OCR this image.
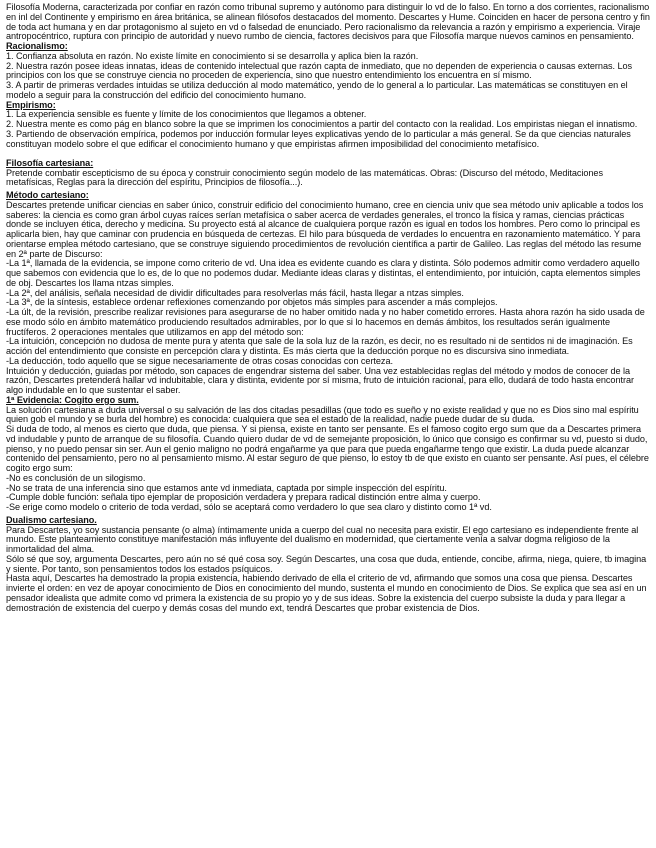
Filosofía Moderna, caracterizada por confiar en razón como tribunal supremo y autónomo para distinguir lo vd de lo falso. En torno a dos corrientes, racionalismo en inl del Continente y empirismo en área británica, se alinean filósofos destacados del momento. Descartes y Hume. Coinciden en hacer de persona centro y fin de toda act humana y en dar protagonismo al sujeto en vd o falsedad de enunciado. Pero racionalismo da relevancia a razón y empirismo a experiencia. Viraje antropocéntrico, ruptura con principio de autoridad y nuevo rumbo de ciencia, factores decisivos para que Filosofía marque nuevos caminos en pensamiento.
Racionalismo:
1. Confianza absoluta en razón. No existe límite en conocimiento si se desarrolla y aplica bien la razón.
2. Nuestra razón posee ideas innatas, ideas de contenido intelectual que razón capta de inmediato, que no dependen de experiencia o causas externas. Los principios con los que se construye ciencia no proceden de experiencia, sino que nuestro entendimiento los encuentra en sí mismo.
3. A partir de primeras verdades intuidas se utiliza deducción al modo matemático, yendo de lo general a lo particular. Las matemáticas se constituyen en el modelo a seguir para la construcción del edificio del conocimiento humano.
Empirismo:
1. La experiencia sensible es fuente y límite de los conocimientos que llegamos a obtener.
2. Nuestra mente es como pág en blanco sobre la que se imprimen los conocimientos a partir del contacto con la realidad. Los empiristas niegan el innatismo.
3. Partiendo de observación empírica, podemos por inducción formular leyes explicativas yendo de lo particular a más general. Se da que ciencias naturales constituyan modelo sobre el que edificar el conocimiento humano y que empiristas afirmen imposibilidad del conocimiento metafísico.
Filosofía cartesiana:
Pretende combatir escepticismo de su época y construir conocimiento según modelo de las matemáticas. Obras: (Discurso del método, Meditaciones metafísicas, Reglas para la dirección del espíritu, Principios de filosofía...).
Método cartesiano:
Descartes pretende unificar ciencias en saber único, construir edificio del conocimiento humano, cree en ciencia univ que sea método univ aplicable a todos los saberes: la ciencia es como gran árbol cuyas raíces serían metafísica o saber acerca de verdades generales, el tronco la física y ramas, ciencias prácticas donde se incluyen ética, derecho y medicina. Su proyecto está al alcance de cualquiera porque razón es igual en todos los hombres. Pero como lo principal es aplicarla bien, hay que caminar con prudencia en búsqueda de certezas. El hilo para búsqueda de verdades lo encuentra en razonamiento matemático. Y para orientarse emplea método cartesiano, que se construye siguiendo procedimientos de revolución científica a partir de Galileo. Las reglas del método las resume en 2ª parte de Discurso:
-La 1ª, llamada de la evidencia, se impone como criterio de vd. Una idea es evidente cuando es clara y distinta. Sólo podemos admitir como verdadero aquello que sabemos con evidencia que lo es, de lo que no podemos dudar. Mediante ideas claras y distintas, el entendimiento, por intuición, capta elementos simples de obj. Descartes los llama ntzas simples.
-La 2ª, del análisis, señala necesidad de dividir dificultades para resolverlas más fácil, hasta llegar a ntzas simples.
-La 3ª, de la síntesis, establece ordenar reflexiones comenzando por objetos más simples para ascender a más complejos.
-La últ, de la revisión, prescribe realizar revisiones para asegurarse de no haber omitido nada y no haber cometido errores. Hasta ahora razón ha sido usada de ese modo sólo en ámbito matemático produciendo resultados admirables, por lo que si lo hacemos en demás ámbitos, los resultados serán igualmente fructíferos. 2 operaciones mentales que utilizamos en app del método son:
-La intuición, concepción no dudosa de mente pura y atenta que sale de la sola luz de la razón, es decir, no es resultado ni de sentidos ni de imaginación. Es acción del entendimiento que consiste en percepción clara y distinta. Es más cierta que la deducción porque no es discursiva sino inmediata.
-La deducción, todo aquello que se sigue necesariamente de otras cosas conocidas con certeza.
Intuición y deducción, guiadas por método, son capaces de engendrar sistema del saber. Una vez establecidas reglas del método y modos de conocer de la razón, Descartes pretenderá hallar vd indubitable, clara y distinta, evidente por sí misma, fruto de intuición racional, para ello, dudará de todo hasta encontrar algo indudable en lo que sustentar el saber.
1ª Evidencia: Cogito ergo sum.
La solución cartesiana a duda universal o su salvación de las dos citadas pesadillas (que todo es sueño y no existe realidad y que no es Dios sino mal espíritu quien gob el mundo y se burla del hombre) es conocida: cualquiera que sea el estado de la realidad, nadie puede dudar de su duda.
Si duda de todo, al menos es cierto que duda, que piensa. Y si piensa, existe en tanto ser pensante. Es el famoso cogito ergo sum que da a Descartes primera vd indudable y punto de arranque de su filosofía. Cuando quiero dudar de vd de semejante proposición, lo único que consigo es confirmar su vd, puesto si dudo, pienso, y no puedo pensar sin ser. Aun el genio maligno no podrá engañarme ya que para que pueda engañarme tengo que existir. La duda puede alcanzar contenido del pensamiento, pero no al pensamiento mismo. Al estar seguro de que pienso, lo estoy tb de que existo en cuanto ser pensante. Así pues, el célebre cogito ergo sum:
-No es conclusión de un silogismo.
-No se trata de una inferencia sino que estamos ante vd inmediata, captada por simple inspección del espíritu.
-Cumple doble función: señala tipo ejemplar de proposición verdadera y prepara radical distinción entre alma y cuerpo.
-Se erige como modelo o criterio de toda verdad, sólo se aceptará como verdadero lo que sea claro y distinto como 1ª vd.
Dualismo cartesiano.
Para Descartes, yo soy sustancia pensante (o alma) íntimamente unida a cuerpo del cual no necesita para existir. El ego cartesiano es independiente frente al mundo. Este planteamiento constituye manifestación más influyente del dualismo en modernidad, que ciertamente venía a salvar dogma religioso de la inmortalidad del alma.
Sólo sé que soy, argumenta Descartes, pero aún no sé qué cosa soy. Según Descartes, una cosa que duda, entiende, concibe, afirma, niega, quiere, tb imagina y siente. Por tanto, son pensamientos todos los estados psíquicos.
Hasta aquí, Descartes ha demostrado la propia existencia, habiendo derivado de ella el criterio de vd, afirmando que somos una cosa que piensa. Descartes invierte el orden: en vez de apoyar conocimiento de Dios en conocimiento del mundo, sustenta el mundo en conocimiento de Dios. Se explica que sea así en un pensador idealista que admite como vd primera la existencia de su propio yo y de sus ideas. Sobre la existencia del cuerpo subsiste la duda y para llegar a demostración de existencia del cuerpo y demás cosas del mundo ext, tendrá Descartes que probar existencia de Dios.
